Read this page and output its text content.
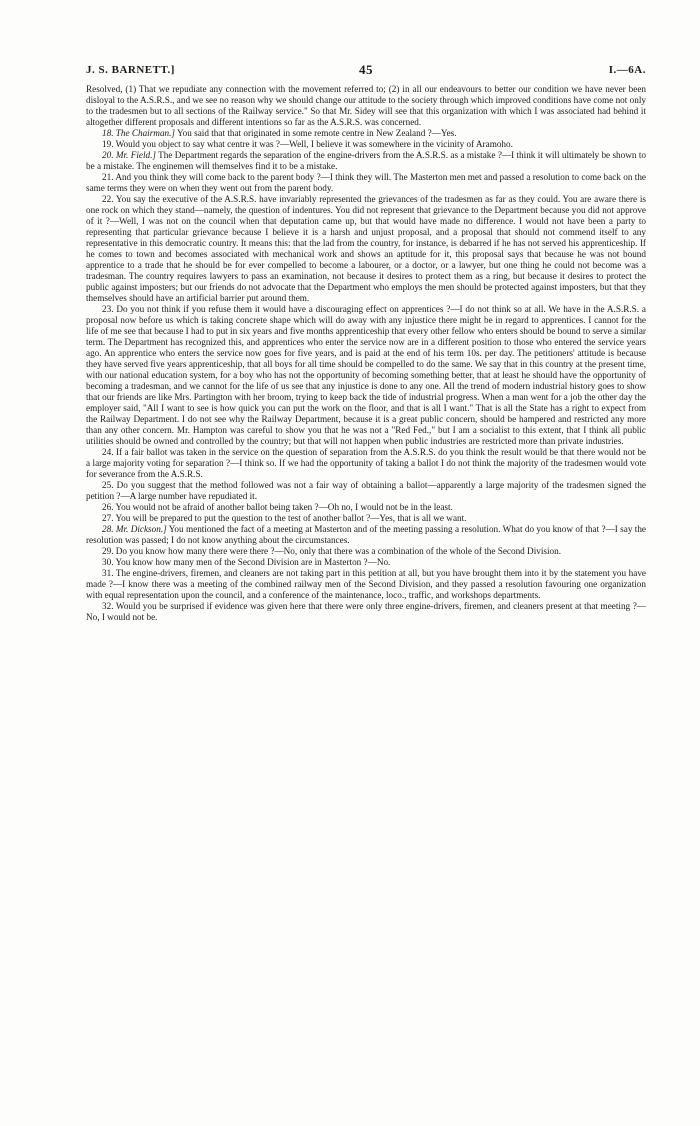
J. S. BARNETT.]	45	I.—6A.

Resolved, (1) That we repudiate any connection with the movement referred to; (2) in all our endeavours to better our condition we have never been disloyal to the A.S.R.S., and we see no reason why we should change our attitude to the society through which improved conditions have come not only to the tradesmen but to all sections of the Railway service." So that Mr. Sidey will see that this organization with which I was associated had behind it altogether different proposals and different intentions so far as the A.S.R.S. was concerned.

18. The Chairman.] You said that that originated in some remote centre in New Zealand ?—Yes.

19. Would you object to say what centre it was ?—Well, I believe it was somewhere in the vicinity of Aramoho.

20. Mr. Field.] The Department regards the separation of the engine-drivers from the A.S.R.S. as a mistake ?—I think it will ultimately be shown to be a mistake. The enginemen will themselves find it to be a mistake.

21. And you think they will come back to the parent body ?—I think they will. The Masterton men met and passed a resolution to come back on the same terms they were on when they went out from the parent body.

22. You say the executive of the A.S.R.S. have invariably represented the grievances of the tradesmen as far as they could. You are aware there is one rock on which they stand—namely, the question of indentures. You did not represent that grievance to the Department because you did not approve of it ?—Well, I was not on the council when that deputation came up, but that would have made no difference. I would not have been a party to representing that particular grievance because I believe it is a harsh and unjust proposal, and a proposal that should not commend itself to any representative in this democratic country. It means this: that the lad from the country, for instance, is debarred if he has not served his apprenticeship. If he comes to town and becomes associated with mechanical work and shows an aptitude for it, this proposal says that because he was not bound apprentice to a trade that he should be for ever compelled to become a labourer, or a doctor, or a lawyer, but one thing he could not become was a tradesman. The country requires lawyers to pass an examination, not because it desires to protect them as a ring, but because it desires to protect the public against imposters; but our friends do not advocate that the Department who employs the men should be protected against imposters, but that they themselves should have an artificial barrier put around them.

23. Do you not think if you refuse them it would have a discouraging effect on apprentices ?—I do not think so at all. We have in the A.S.R.S. a proposal now before us which is taking concrete shape which will do away with any injustice there might be in regard to apprentices. I cannot for the life of me see that because I had to put in six years and five months apprenticeship that every other fellow who enters should be bound to serve a similar term. The Department has recognized this, and apprentices who enter the service now are in a different position to those who entered the service years ago. An apprentice who enters the service now goes for five years, and is paid at the end of his term 10s. per day. The petitioners' attitude is because they have served five years apprenticeship, that all boys for all time should be compelled to do the same. We say that in this country at the present time, with our national education system, for a boy who has not the opportunity of becoming something better, that at least he should have the opportunity of becoming a tradesman, and we cannot for the life of us see that any injustice is done to any one. All the trend of modern industrial history goes to show that our friends are like Mrs. Partington with her broom, trying to keep back the tide of industrial progress. When a man went for a job the other day the employer said, "All I want to see is how quick you can put the work on the floor, and that is all I want." That is all the State has a right to expect from the Railway Department. I do not see why the Railway Department, because it is a great public concern, should be hampered and restricted any more than any other concern. Mr. Hampton was careful to show you that he was not a "Red Fed.," but I am a socialist to this extent, that I think all public utilities should be owned and controlled by the country; but that will not happen when public industries are restricted more than private industries.

24. If a fair ballot was taken in the service on the question of separation from the A.S.R.S. do you think the result would be that there would not be a large majority voting for separation ?—I think so. If we had the opportunity of taking a ballot I do not think the majority of the tradesmen would vote for severance from the A.S.R.S.

25. Do you suggest that the method followed was not a fair way of obtaining a ballot—apparently a large majority of the tradesmen signed the petition ?—A large number have repudiated it.

26. You would not be afraid of another ballot being taken ?—Oh no, I would not be in the least.

27. You will be prepared to put the question to the test of another ballot ?—Yes, that is all we want.

28. Mr. Dickson.] You mentioned the fact of a meeting at Masterton and of the meeting passing a resolution. What do you know of that ?—I say the resolution was passed; I do not know anything about the circumstances.

29. Do you know how many there were there ?—No, only that there was a combination of the whole of the Second Division.

30. You know how many men of the Second Division are in Masterton ?—No.

31. The engine-drivers, firemen, and cleaners are not taking part in this petition at all, but you have brought them into it by the statement you have made ?—I know there was a meeting of the combined railway men of the Second Division, and they passed a resolution favouring one organization with equal representation upon the council, and a conference of the maintenance, loco., traffic, and workshops departments.

32. Would you be surprised if evidence was given here that there were only three engine-drivers, firemen, and cleaners present at that meeting ?—No, I would not be.
